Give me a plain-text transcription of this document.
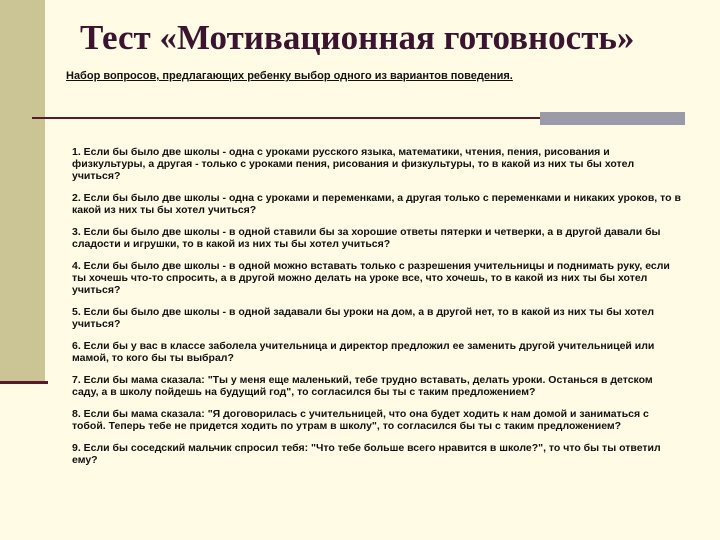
Тест «Мотивационная готовность»
Набор вопросов, предлагающих ребенку выбор одного из вариантов поведения.
1. Если бы было две школы - одна с уроками русского языка, математики, чтения, пения, рисования и физкультуры, а другая - только с уроками пения, рисования и физкультуры, то в какой из них ты бы хотел учиться?
2. Если бы было две школы - одна с уроками и переменками, а другая только с переменками и никаких уроков, то в какой из них ты бы хотел учиться?
3. Если бы было две школы - в одной ставили бы за хорошие ответы пятерки и четверки, а в другой давали бы сладости и игрушки, то в какой из них ты бы хотел учиться?
4. Если бы было две школы - в одной можно вставать только с разрешения учительницы и поднимать руку, если ты хочешь что-то спросить, а в другой можно делать на уроке все, что хочешь, то в какой из них ты бы хотел учиться?
5. Если бы было две школы - в одной задавали бы уроки на дом, а в другой нет, то в какой из них ты бы хотел учиться?
6. Если бы у вас в классе заболела учительница и директор предложил ее заменить другой учительницей или мамой, то кого бы ты выбрал?
7. Если бы мама сказала: "Ты у меня еще маленький, тебе трудно вставать, делать уроки. Останься в детском саду, а в школу пойдешь на будущий год", то согласился бы ты с таким предложением?
8. Если бы мама сказала: "Я договорилась с учительницей, что она будет ходить к нам домой и заниматься с тобой. Теперь тебе не придется ходить по утрам в школу", то согласился бы ты с таким предложением?
9. Если бы соседский мальчик спросил тебя: "Что тебе больше всего нравится в школе?", то что бы ты ответил ему?
